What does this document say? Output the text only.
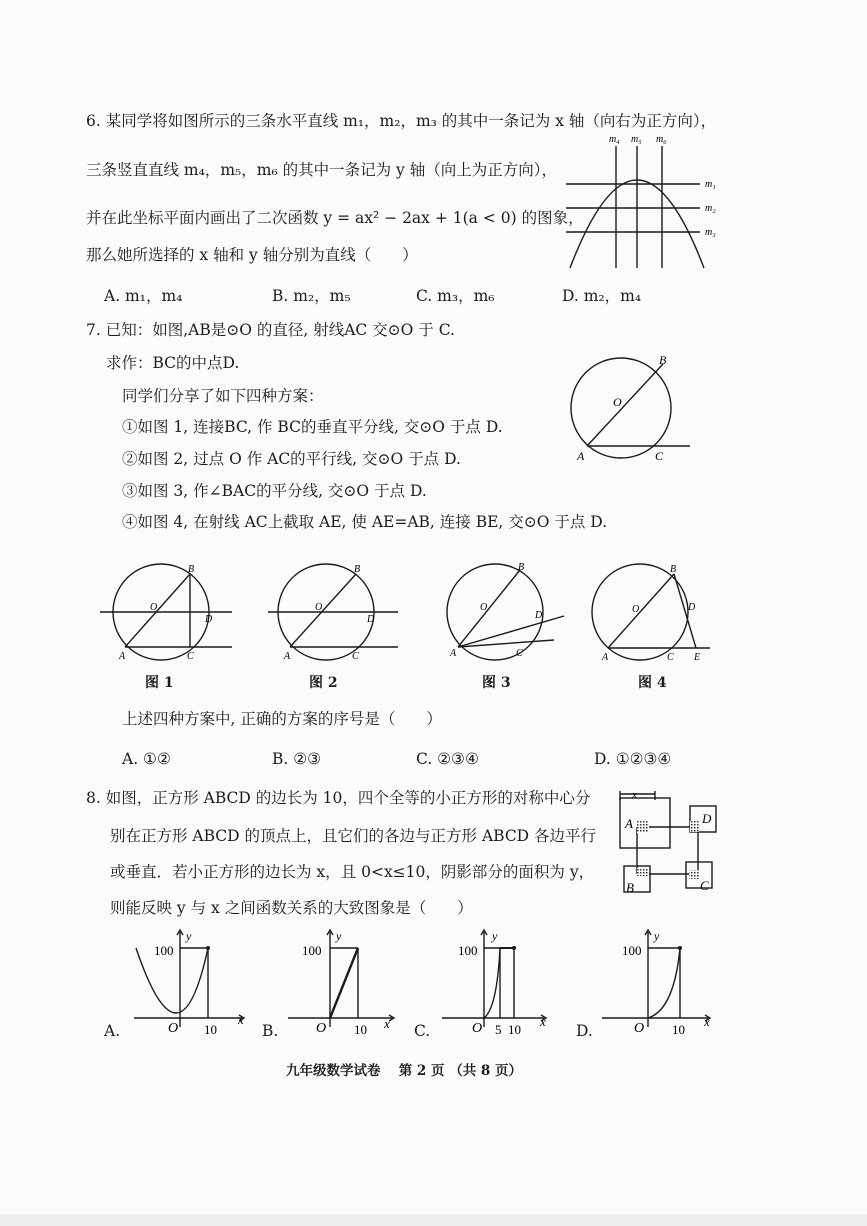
6. 某同学将如图所示的三条水平直线 m₁，m₂，m₃ 的其中一条记为 x 轴（向右为正方向），
三条竖直直线 m₄，m₅，m₆ 的其中一条记为 y 轴（向上为正方向），
并在此坐标平面内画出了二次函数 y = ax² − 2ax + 1(a < 0) 的图象，
那么她所选择的 x 轴和 y 轴分别为直线（　　）
A. m₁，m₄	B. m₂，m₅	C. m₃，m₆	D. m₂，m₄
m₄ m₅ m₆
m₁
m₂
m₃
7. 已知：如图,AB是⊙O 的直径, 射线AC 交⊙O 于 C.
求作：BC的中点D.
同学们分享了如下四种方案：
①如图 1, 连接BC, 作 BC的垂直平分线, 交⊙O 于点 D.
②如图 2, 过点 O 作 AC的平行线, 交⊙O 于点 D.
③如图 3, 作∠BAC的平分线, 交⊙O 于点 D.
④如图 4, 在射线 AC上截取 AE, 使 AE=AB, 连接 BE, 交⊙O 于点 D.
B
O
A	C
B
O
D
A	C
B
O
D
A	C
B
O
D
A	C
B
O	D
A	C E
图 1	图 2	图 3	图 4
上述四种方案中, 正确的方案的序号是（　　）
A. ①②	B. ②③	C. ②③④	D. ①②③④
8. 如图，正方形 ABCD 的边长为 10，四个全等的小正方形的对称中心分
别在正方形 ABCD 的顶点上，且它们的各边与正方形 ABCD 各边平行
或垂直．若小正方形的边长为 x，且 0<x≤10，阴影部分的面积为 y，
则能反映 y 与 x 之间函数关系的大致图象是（　　）
x
A	D
B	C
A.
100
y
x
O 10	B.
100
y
x
O 10	C.
100
y
x
O 5 10	D.
100
y
x
O 10
九年级数学试卷　 第 2 页 （共 8 页）
